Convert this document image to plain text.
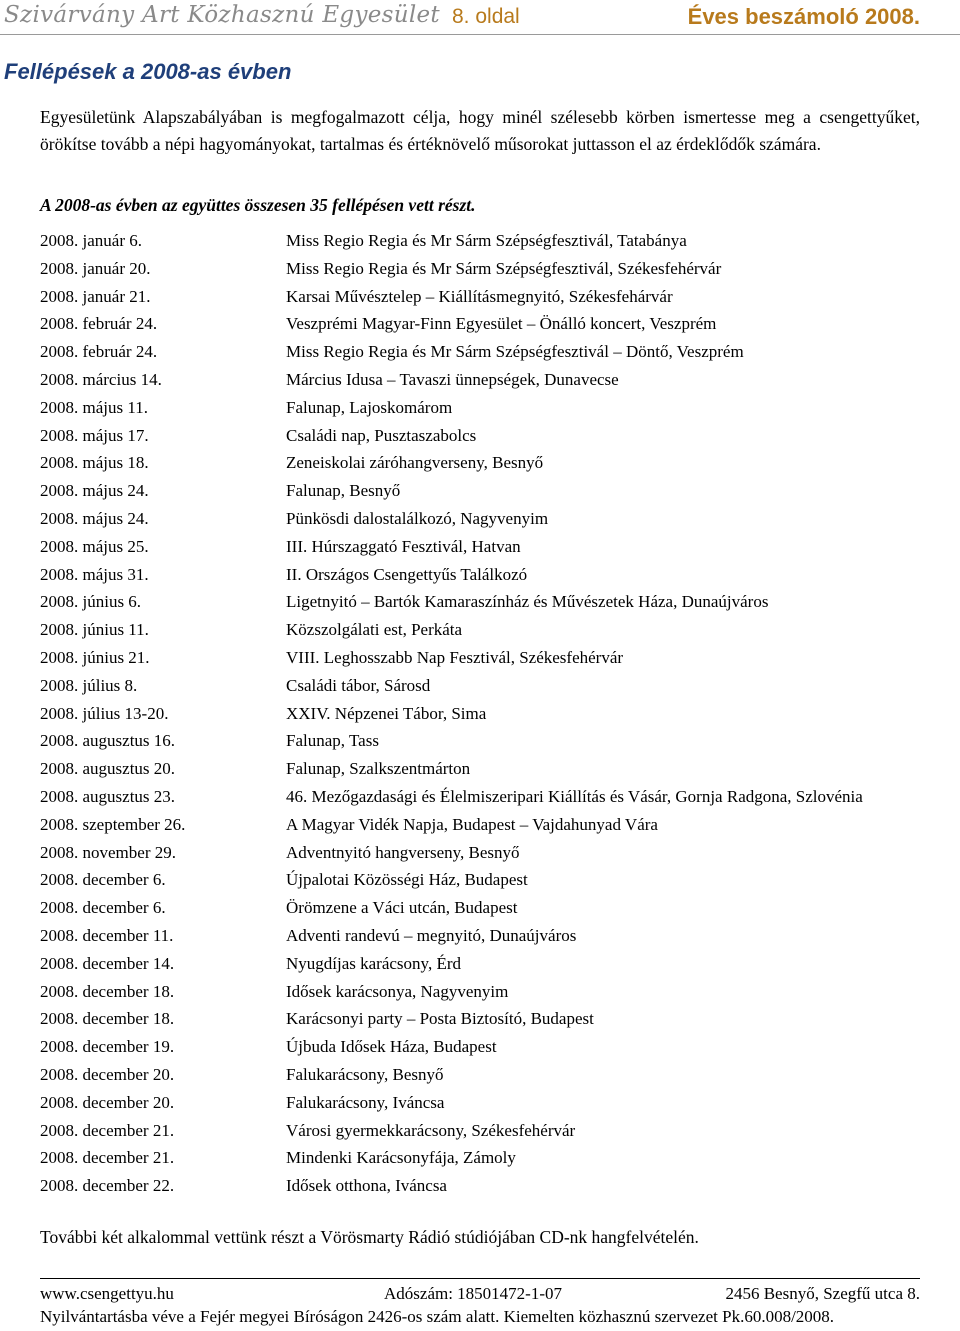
Szivárvány Art Közhasznú Egyesület 8. oldal	Éves beszámoló 2008.
Fellépések a 2008-as évben

Egyesületünk Alapszabályában is megfogalmazott célja, hogy minél szélesebb körben ismertesse meg a csengettyűket, örökítse tovább a népi hagyományokat, tartalmas és értéknövelő műsorokat juttasson el az érdeklődők számára.

A 2008-as évben az együttes összesen 35 fellépésen vett részt.
2008. január 6.	Miss Regio Regia és Mr Sárm Szépségfesztivál, Tatabánya
2008. január 20.	Miss Regio Regia és Mr Sárm Szépségfesztivál, Székesfehérvár
2008. január 21.	Karsai Művésztelep – Kiállításmegnyitó, Székesfehárvár
2008. február 24.	Veszprémi Magyar-Finn Egyesület – Önálló koncert, Veszprém
2008. február 24.	Miss Regio Regia és Mr Sárm Szépségfesztivál – Döntő, Veszprém
2008. március 14.	Március Idusa – Tavaszi ünnepségek, Dunavecse
2008. május 11.	Falunap, Lajoskomárom
2008. május 17.	Családi nap, Pusztaszabolcs
2008. május 18.	Zeneiskolai záróhangverseny, Besnyő
2008. május 24.	Falunap, Besnyő
2008. május 24.	Pünkösdi dalostalálkozó, Nagyvenyim
2008. május 25.	III. Húrszaggató Fesztivál, Hatvan
2008. május 31.	II. Országos Csengettyűs Találkozó
2008. június 6.	Ligetnyitó – Bartók Kamaraszínház és Művészetek Háza, Dunaújváros
2008. június 11.	Közszolgálati est, Perkáta
2008. június 21.	VIII. Leghosszabb Nap Fesztivál, Székesfehérvár
2008. július 8.	Családi tábor, Sárosd
2008. július 13-20.	XXIV. Népzenei Tábor, Sima
2008. augusztus 16.	Falunap, Tass
2008. augusztus 20.	Falunap, Szalkszentmárton
2008. augusztus 23.	46. Mezőgazdasági és Élelmiszeripari Kiállítás és Vásár, Gornja Radgona, Szlovénia
2008. szeptember 26.	A Magyar Vidék Napja, Budapest – Vajdahunyad Vára
2008. november 29.	Adventnyitó hangverseny, Besnyő
2008. december 6.	Újpalotai Közösségi Ház, Budapest
2008. december 6.	Örömzene a Váci utcán, Budapest
2008. december 11.	Adventi randevú – megnyitó, Dunaújváros
2008. december 14.	Nyugdíjas karácsony, Érd
2008. december 18.	Idősek karácsonya, Nagyvenyim
2008. december 18.	Karácsonyi party – Posta Biztosító, Budapest
2008. december 19.	Újbuda Idősek Háza, Budapest
2008. december 20.	Falukarácsony, Besnyő
2008. december 20.	Falukarácsony, Iváncsa
2008. december 21.	Városi gyermekkarácsony, Székesfehérvár
2008. december 21.	Mindenki Karácsonyfája, Zámoly
2008. december 22.	Idősek otthona, Iváncsa
További két alkalommal vettünk részt a Vörösmarty Rádió stúdiójában CD-nk hangfelvételén.
www.csengettyu.hu	Adószám: 18501472-1-07	2456 Besnyő, Szegfű utca 8.
Nyilvántartásba véve a Fejér megyei Bíróságon 2426-os szám alatt. Kiemelten közhasznú szervezet Pk.60.008/2008.
